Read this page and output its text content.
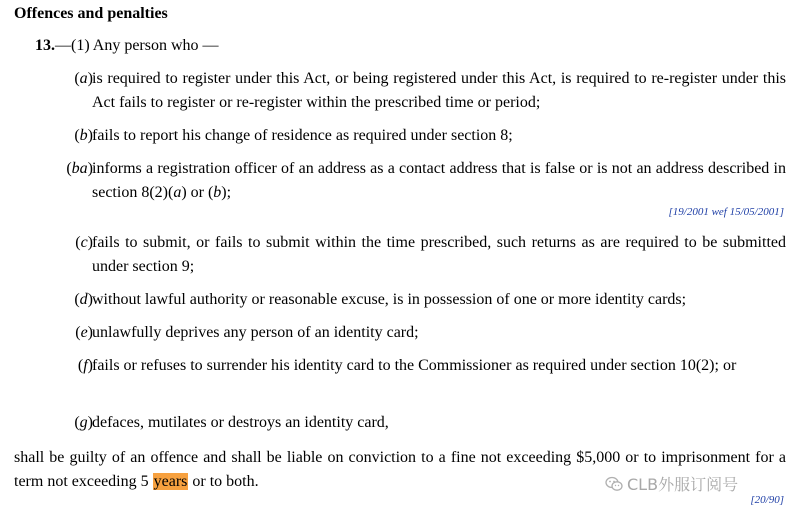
Offences and penalties
13.—(1) Any person who —
(a) is required to register under this Act, or being registered under this Act, is required to re-register under this Act fails to register or re-register within the prescribed time or period;
(b) fails to report his change of residence as required under section 8;
(ba) informs a registration officer of an address as a contact address that is false or is not an address described in section 8(2)(a) or (b);
[19/2001 wef 15/05/2001]
(c) fails to submit, or fails to submit within the time prescribed, such returns as are required to be submitted under section 9;
(d) without lawful authority or reasonable excuse, is in possession of one or more identity cards;
(e) unlawfully deprives any person of an identity card;
(f) fails or refuses to surrender his identity card to the Commissioner as required under section 10(2); or
(g) defaces, mutilates or destroys an identity card,
shall be guilty of an offence and shall be liable on conviction to a fine not exceeding $5,000 or to imprisonment for a term not exceeding 5 years or to both.	CLB外服订阅号
[20/90]
